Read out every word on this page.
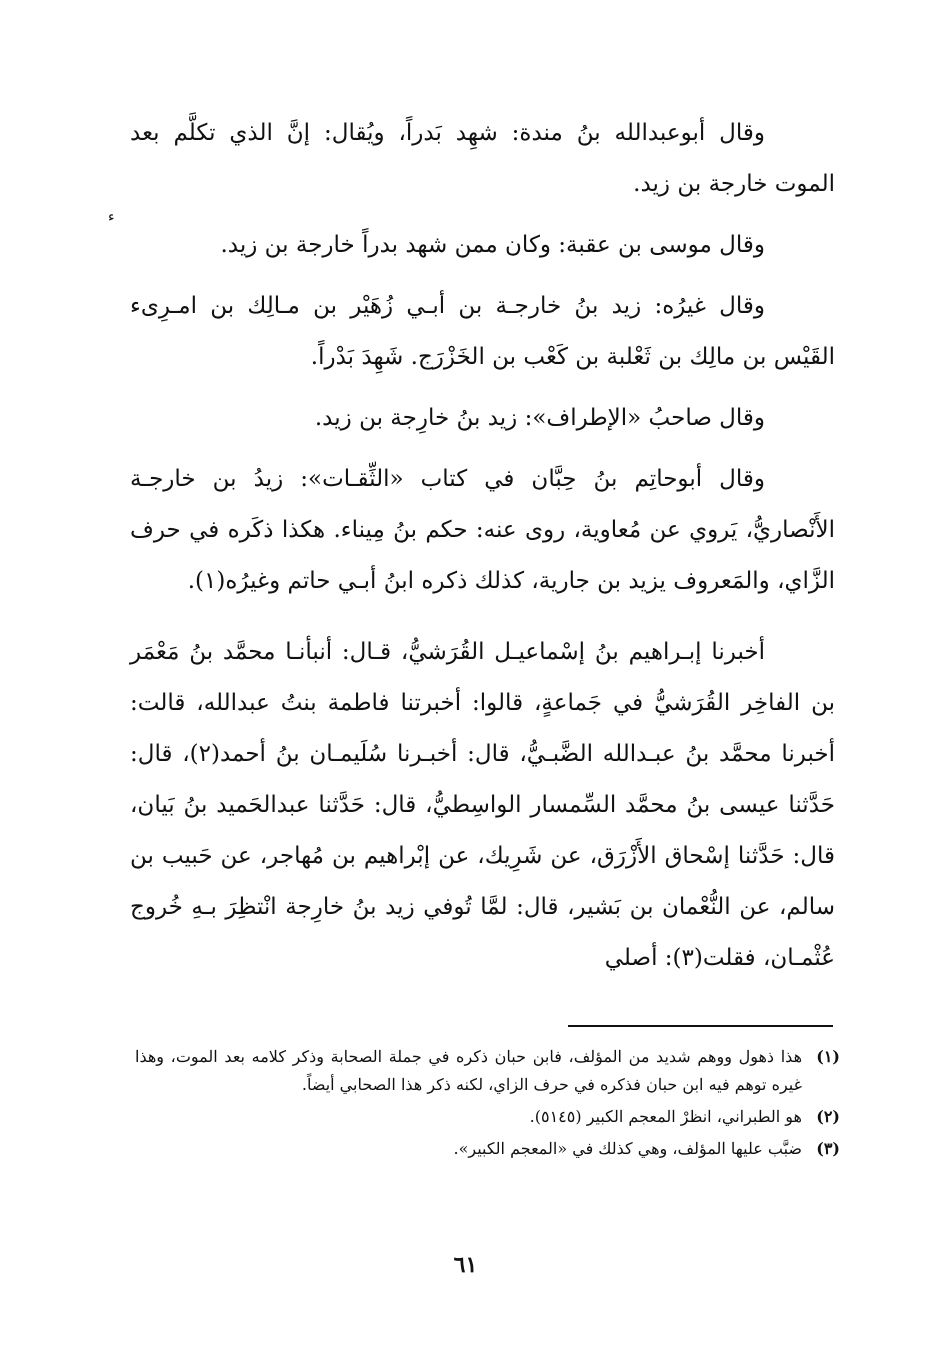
ء

وقال أبوعبدالله بنُ مندة: شهِد بَدراً، ويُقال: إنَّ الذي تكلَّم بعد الموت خارجة بن زيد.

وقال موسى بن عقبة: وكان ممن شهد بدراً خارجة بن زيد.

وقال غيرُه: زيد بنُ خارجـة بن أبـي زُهَيْر بن مـالِك بن امـرِىء القَيْس بن مالِك بن ثَعْلبة بن كَعْب بن الخَزْرَج. شَهِدَ بَدْراً.

وقال صاحبُ «الإطراف»: زيد بنُ خارِجة بن زيد.

وقال أبوحاتِم بنُ حِبَّان في كتاب «الثِّقـات»: زيدُ بن خارجـة الأَنْصاريُّ، يَروي عن مُعاوية، روى عنه: حكم بنُ مِيناء. هكذا ذكَره في حرف الزَّاي، والمَعروف يزيد بن جارية، كذلك ذكره ابنُ أبـي حاتم وغيرُه(١).

أخبرنا إبـراهيم بنُ إسْماعيـل القُرَشيُّ، قـال: أنبأنـا محمَّد بنُ مَعْمَر بن الفاخِر القُرَشيُّ في جَماعةٍ، قالوا: أخبرتنا فاطمة بنتُ عبدالله، قالت: أخبرنا محمَّد بنُ عبـدالله الضَّبـيُّ، قال: أخبـرنا سُلَيمـان بنُ أحمد(٢)، قال: حَدَّثنا عيسى بنُ محمَّد السِّمسار الواسِطيُّ، قال: حَدَّثنا عبدالحَميد بنُ بَيان، قال: حَدَّثنا إسْحاق الأَزْرَق، عن شَرِيك، عن إبْراهيم بن مُهاجر، عن حَبيب بن سالم، عن النُّعْمان بن بَشير، قال: لمَّا تُوفي زيد بنُ خارِجة انْتظِرَ بـهِ خُروج عُثْمـان، فقلت(٣): أصلي

(١)
هذا ذهول ووهم شديد من المؤلف، فابن حبان ذكره في جملة الصحابة وذكر كلامه بعد الموت، وهذا غيره توهم فيه ابن حبان فذكره في حرف الزاي، لكنه ذكر هذا الصحابي أيضاً.
(٢)
هو الطبراني، انظرْ المعجم الكبير (٥١٤٥).
(٣)
ضبَّب عليها المؤلف، وهي كذلك في «المعجم الكبير».
٦١
